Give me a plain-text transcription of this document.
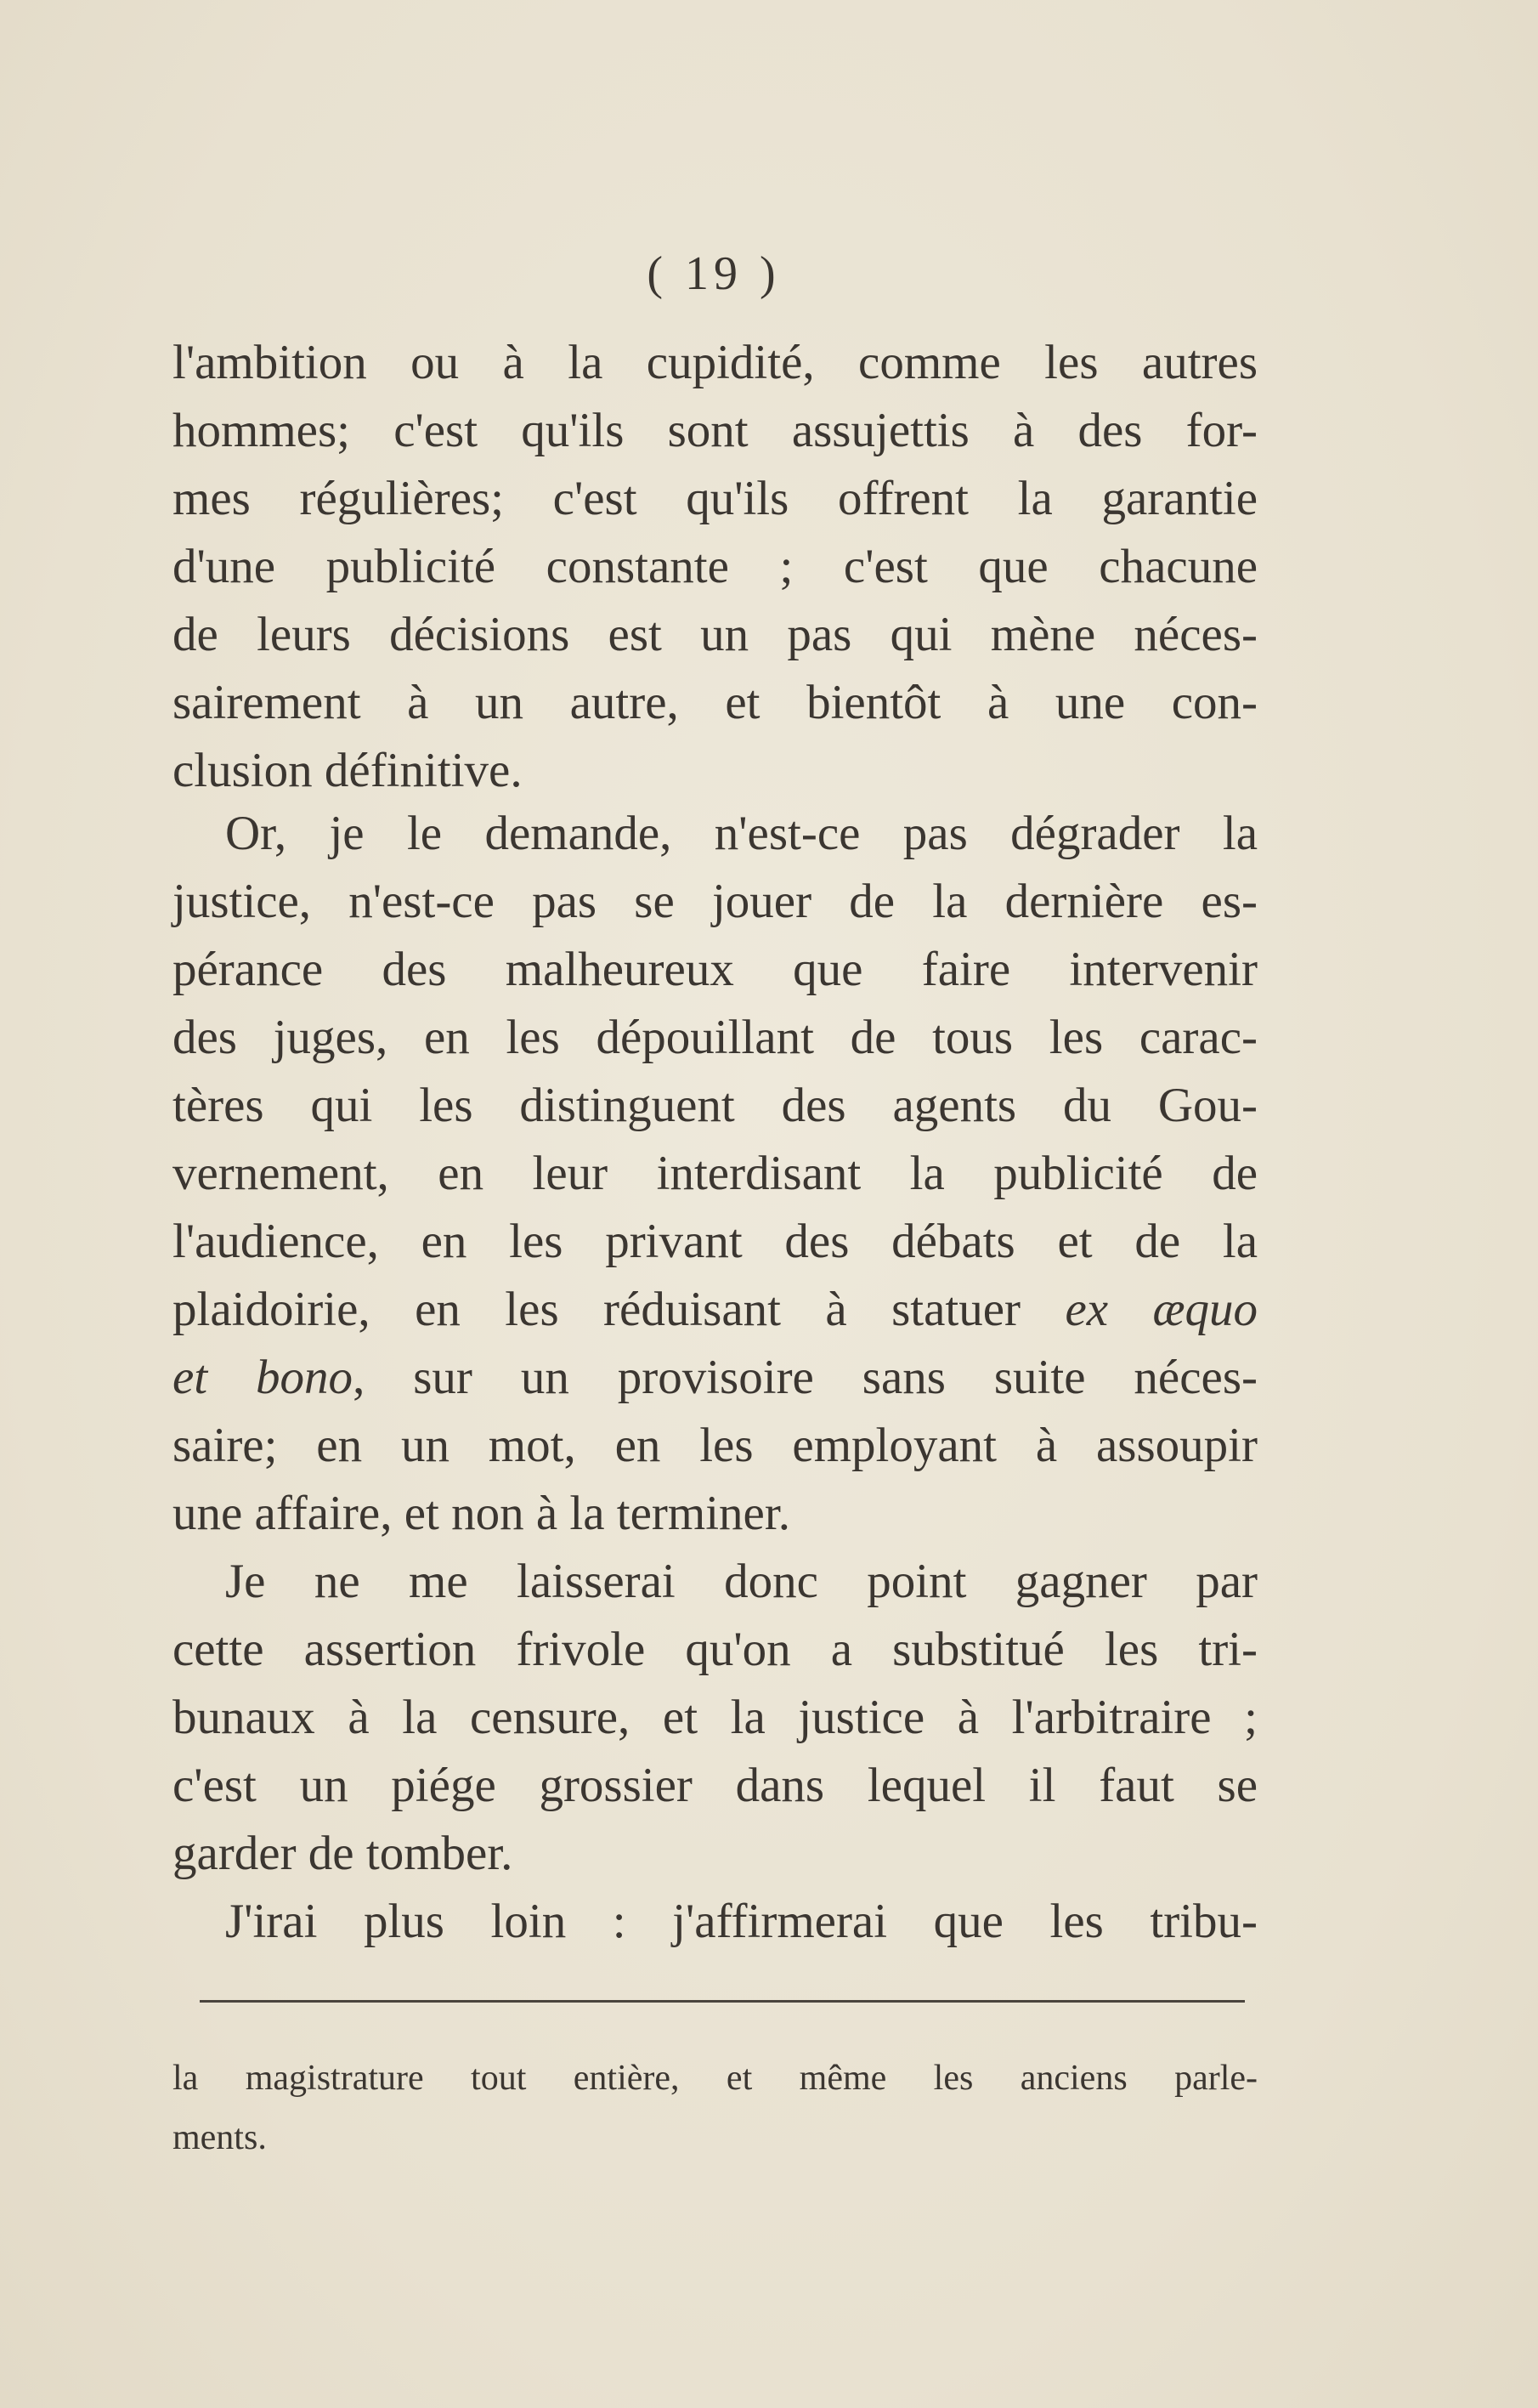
( 19 )
l'ambition ou à la cupidité, comme les autres
hommes; c'est qu'ils sont assujettis à des for-
mes régulières; c'est qu'ils offrent la garantie
d'une publicité constante ; c'est que chacune
de leurs décisions est un pas qui mène néces-
sairement à un autre, et bientôt à une con-
clusion définitive.
Or, je le demande, n'est-ce pas dégrader la
justice, n'est-ce pas se jouer de la dernière es-
pérance des malheureux que faire intervenir
des juges, en les dépouillant de tous les carac-
tères qui les distinguent des agents du Gou-
vernement, en leur interdisant la publicité de
l'audience, en les privant des débats et de la
plaidoirie, en les réduisant à statuer ex æquo
et bono, sur un provisoire sans suite néces-
saire; en un mot, en les employant à assoupir
une affaire, et non à la terminer.
Je ne me laisserai donc point gagner par
cette assertion frivole qu'on a substitué les tri-
bunaux à la censure, et la justice à l'arbitraire ;
c'est un piége grossier dans lequel il faut se
garder de tomber.
J'irai plus loin : j'affirmerai que les tribu-
la magistrature tout entière, et même les anciens parle-
ments.
